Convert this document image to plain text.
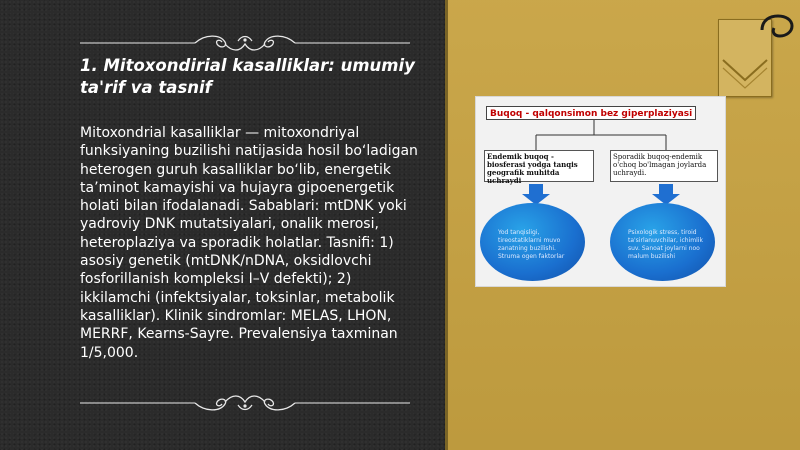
1. Mitoxondirial kasalliklar: umumiy ta'rif va tasnif

Mitoxondrial kasalliklar — mitoxondriyal funksiyaning buzilishi natijasida hosil bo‘ladigan heterogen guruh kasalliklar bo‘lib, energetik ta’minot kamayishi va hujayra gipoenergetik holati bilan ifodalanadi. Sabablari: mtDNK yoki yadroviy DNK mutatsiyalari, onalik merosi, heteroplaziya va sporadik holatlar. Tasnifi: 1) asosiy genetik (mtDNK/nDNA, oksidlovchi fosforillanish kompleksi I–V defekti); 2) ikkilamchi (infektsiyalar, toksinlar, metabolik kasalliklar). Klinik sindromlar: MELAS, LHON, MERRF, Kearns-Sayre. Prevalensiya taxminan 1/5,000.

Buqoq - qalqonsimon bez giperplaziyasi
Endemik buqoq - biosferasi yodga tanqis geografik muhitda uchraydi
Sporadik buqoq-endemik o'choq bo'lmagan joylarda uchraydi.
Yod tanqisligi, tireostatiklarni muvo zanatning buzilishi. Struma ogen faktorlar
Psixologik stress, tiroid ta'sirlanuvchilar, ichimlik suv. Sanoat joylarni noo malum buzilishi
